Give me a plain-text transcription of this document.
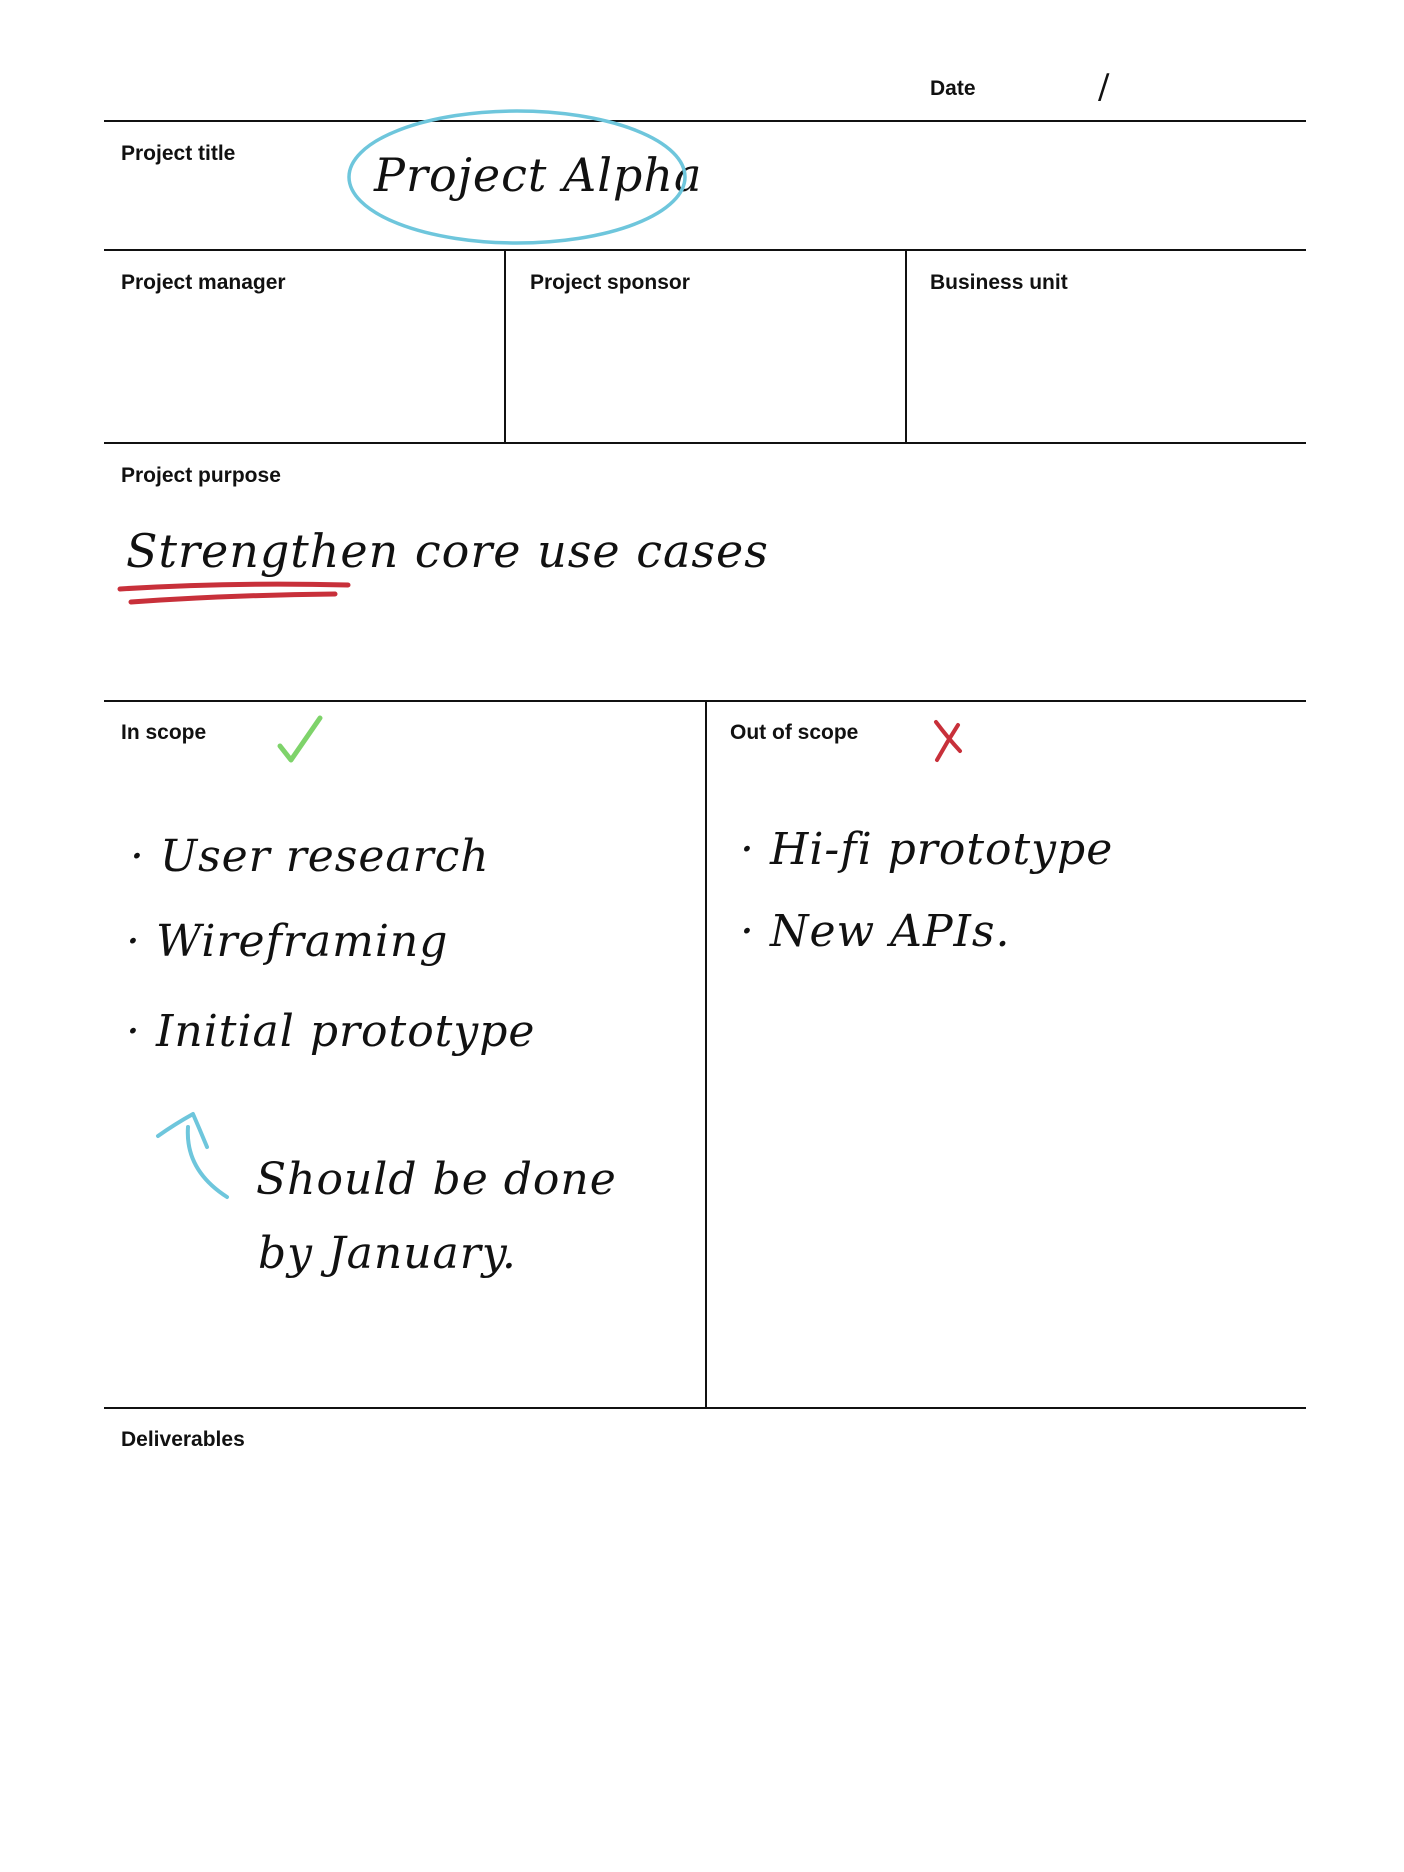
Date	/
Project title	Project Alpha
Project manager	Project sponsor	Business unit
Project purpose
Strengthen core use cases
In scope
· User research
· Wireframing
· Initial prototype
Should be done
by January.
Out of scope
· Hi-fi prototype
· New APIs.
Deliverables
